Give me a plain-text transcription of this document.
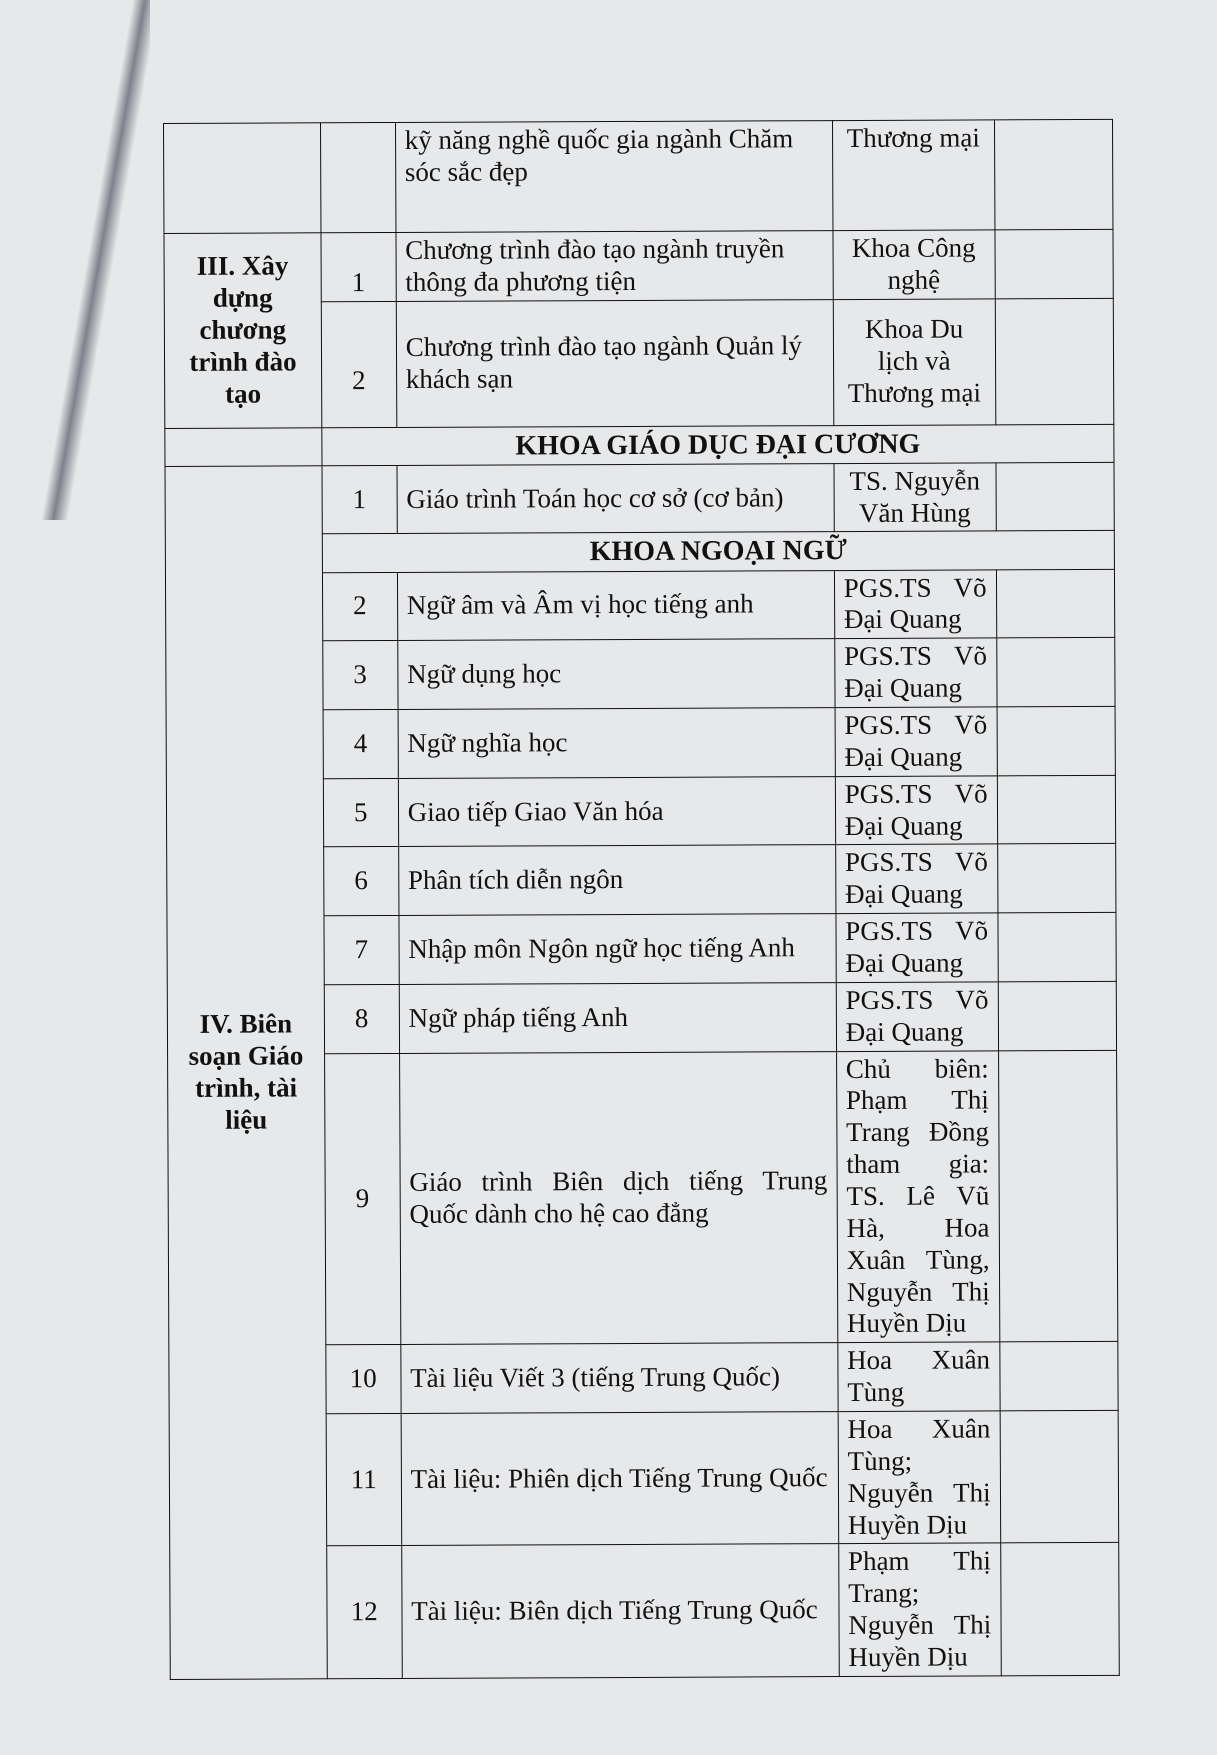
		kỹ năng nghề quốc gia ngành Chăm sóc sắc đẹp	Thương mại	
III. Xây dựng chương trình đào tạo	1	Chương trình đào tạo ngành truyền thông đa phương tiện	Khoa Công nghệ	
	2	Chương trình đào tạo ngành Quản lý khách sạn	Khoa Du lịch và Thương mại	
	KHOA GIÁO DỤC ĐẠI CƯƠNG			
IV. Biên soạn Giáo trình, tài liệu	1	Giáo trình Toán học cơ sở (cơ bản)	TS. Nguyễn Văn Hùng	
	KHOA NGOẠI NGỮ			
	2	Ngữ âm và Âm vị học tiếng anh	PGS.TS Võ Đại Quang	
	3	Ngữ dụng học	PGS.TS Võ Đại Quang	
	4	Ngữ nghĩa học	PGS.TS Võ Đại Quang	
	5	Giao tiếp Giao Văn hóa	PGS.TS Võ Đại Quang	
	6	Phân tích diễn ngôn	PGS.TS Võ Đại Quang	
	7	Nhập môn Ngôn ngữ học tiếng Anh	PGS.TS Võ Đại Quang	
	8	Ngữ pháp tiếng Anh	PGS.TS Võ Đại Quang	
	9	Giáo trình Biên dịch tiếng Trung Quốc dành cho hệ cao đẳng	Chủ biên: Phạm Thị Trang Đồng tham gia: TS. Lê Vũ Hà, Hoa Xuân Tùng, Nguyễn Thị Huyền Dịu	
	10	Tài liệu Viết 3 (tiếng Trung Quốc)	Hoa Xuân Tùng	
	11	Tài liệu: Phiên dịch Tiếng Trung Quốc	Hoa Xuân Tùng; Nguyễn Thị Huyền Dịu	
	12	Tài liệu: Biên dịch Tiếng Trung Quốc	Phạm Thị Trang; Nguyễn Thị Huyền Dịu	
